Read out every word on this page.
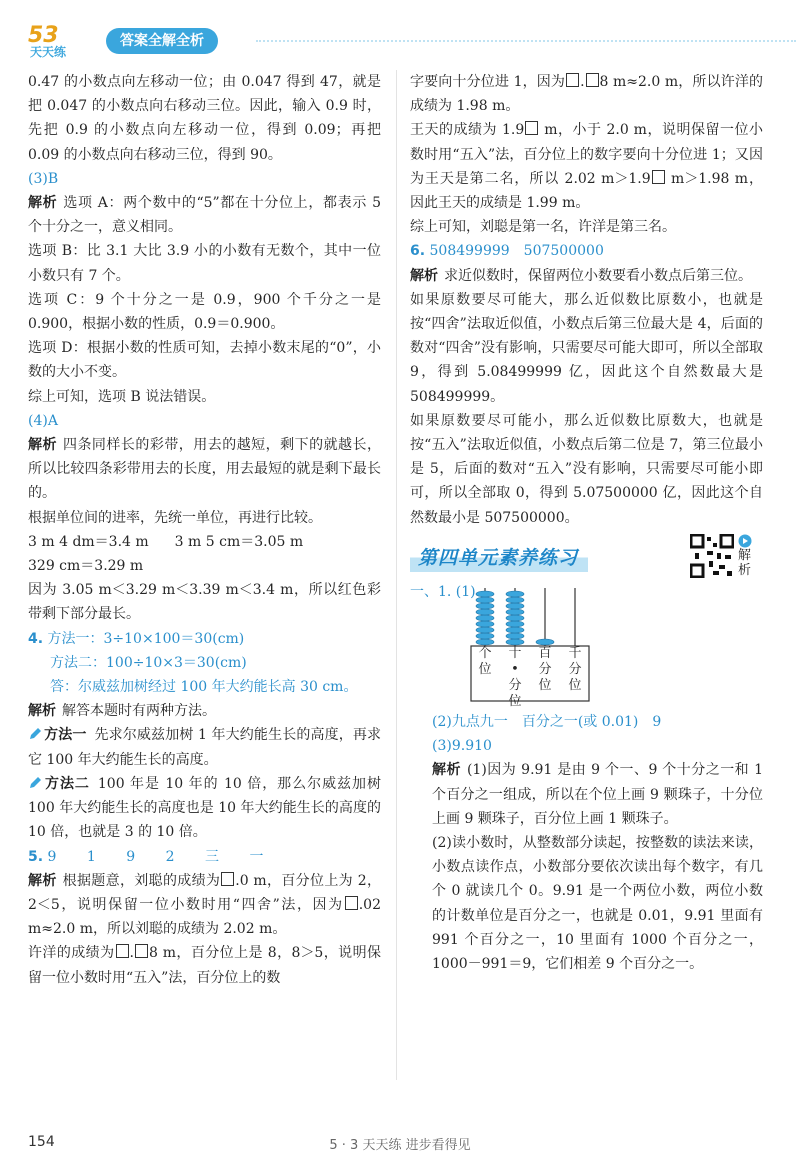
53
天天练
答案全解全析

0.47 的小数点向左移动一位；由 0.047 得到 47，就是把 0.047 的小数点向右移动三位。因此，输入 0.9 时，先把 0.9 的小数点向左移动一位，得到 0.09；再把 0.09 的小数点向右移动三位，得到 90。

(3)B

解析 选项 A：两个数中的“5”都在十分位上，都表示 5 个十分之一，意义相同。

选项 B：比 3.1 大比 3.9 小的小数有无数个，其中一位小数只有 7 个。

选项 C：9 个十分之一是 0.9，900 个千分之一是 0.900，根据小数的性质，0.9＝0.900。

选项 D：根据小数的性质可知，去掉小数末尾的“0”，小数的大小不变。

综上可知，选项 B 说法错误。

(4)A

解析 四条同样长的彩带，用去的越短，剩下的就越长，所以比较四条彩带用去的长度，用去最短的就是剩下最长的。

根据单位间的进率，先统一单位，再进行比较。

3 m 4 dm＝3.4 m 3 m 5 cm＝3.05 m

329 cm＝3.29 m

因为 3.05 m＜3.29 m＜3.39 m＜3.4 m，所以红色彩带剩下部分最长。

4. 方法一：3÷10×100＝30(cm)

方法二：100÷10×3＝30(cm)

答：尔威兹加树经过 100 年大约能长高 30 cm。

解析 解答本题时有两种方法。

方法一 先求尔威兹加树 1 年大约能生长的高度，再求它 100 年大约能生长的高度。

方法二 100 年是 10 年的 10 倍，那么尔威兹加树 100 年大约能生长的高度也是 10 年大约能生长的高度的 10 倍，也就是 3 的 10 倍。

5. 9 1 9 2 三 一

解析 根据题意，刘聪的成绩为 .0 m，百分位上为 2，2＜5，说明保留一位小数时用“四舍”法，因为 .02 m≈2.0 m，所以刘聪的成绩为 2.02 m。

许洋的成绩为 . 8 m，百分位上是 8，8＞5，说明保留一位小数时用“五入”法，百分位上的数

字要向十分位进 1，因为 . 8 m≈2.0 m，所以许洋的成绩为 1.98 m。

王天的成绩为 1.9 m，小于 2.0 m，说明保留一位小数时用“五入”法，百分位上的数字要向十分位进 1；又因为王天是第二名，所以 2.02 m＞1.9 m＞1.98 m，因此王天的成绩是 1.99 m。

综上可知，刘聪是第一名，许洋是第三名。

6. 508499999　507500000

解析 求近似数时，保留两位小数要看小数点后第三位。

如果原数要尽可能大，那么近似数比原数小，也就是按“四舍”法取近似值，小数点后第三位最大是 4，后面的数对“四舍”没有影响，只需要尽可能大即可，所以全部取 9，得到 5.08499999 亿，因此这个自然数最大是 508499999。

如果原数要尽可能小，那么近似数比原数大，也就是按“五入”法取近似值，小数点后第二位是 7，第三位最小是 5，后面的数对“五入”没有影响，只需要尽可能小即可，所以全部取 0，得到 5.07500000 亿，因此这个自然数最小是 507500000。

第四单元素养练习	解析
一、1. (1)
个
位
十
•分
位
百
分
位
千
分
位

(2)九点九一　百分之一(或 0.01)　9

(3)9.910

解析 (1)因为 9.91 是由 9 个一、9 个十分之一和 1 个百分之一组成，所以在个位上画 9 颗珠子，十分位上画 9 颗珠子，百分位上画 1 颗珠子。

(2)读小数时，从整数部分读起，按整数的读法来读，小数点读作点，小数部分要依次读出每个数字，有几个 0 就读几个 0。9.91 是一个两位小数，两位小数的计数单位是百分之一，也就是 0.01，9.91 里面有 991 个百分之一，10 里面有 1000 个百分之一，1000－991＝9，它们相差 9 个百分之一。

154	5 · 3 天天练 进步看得见
